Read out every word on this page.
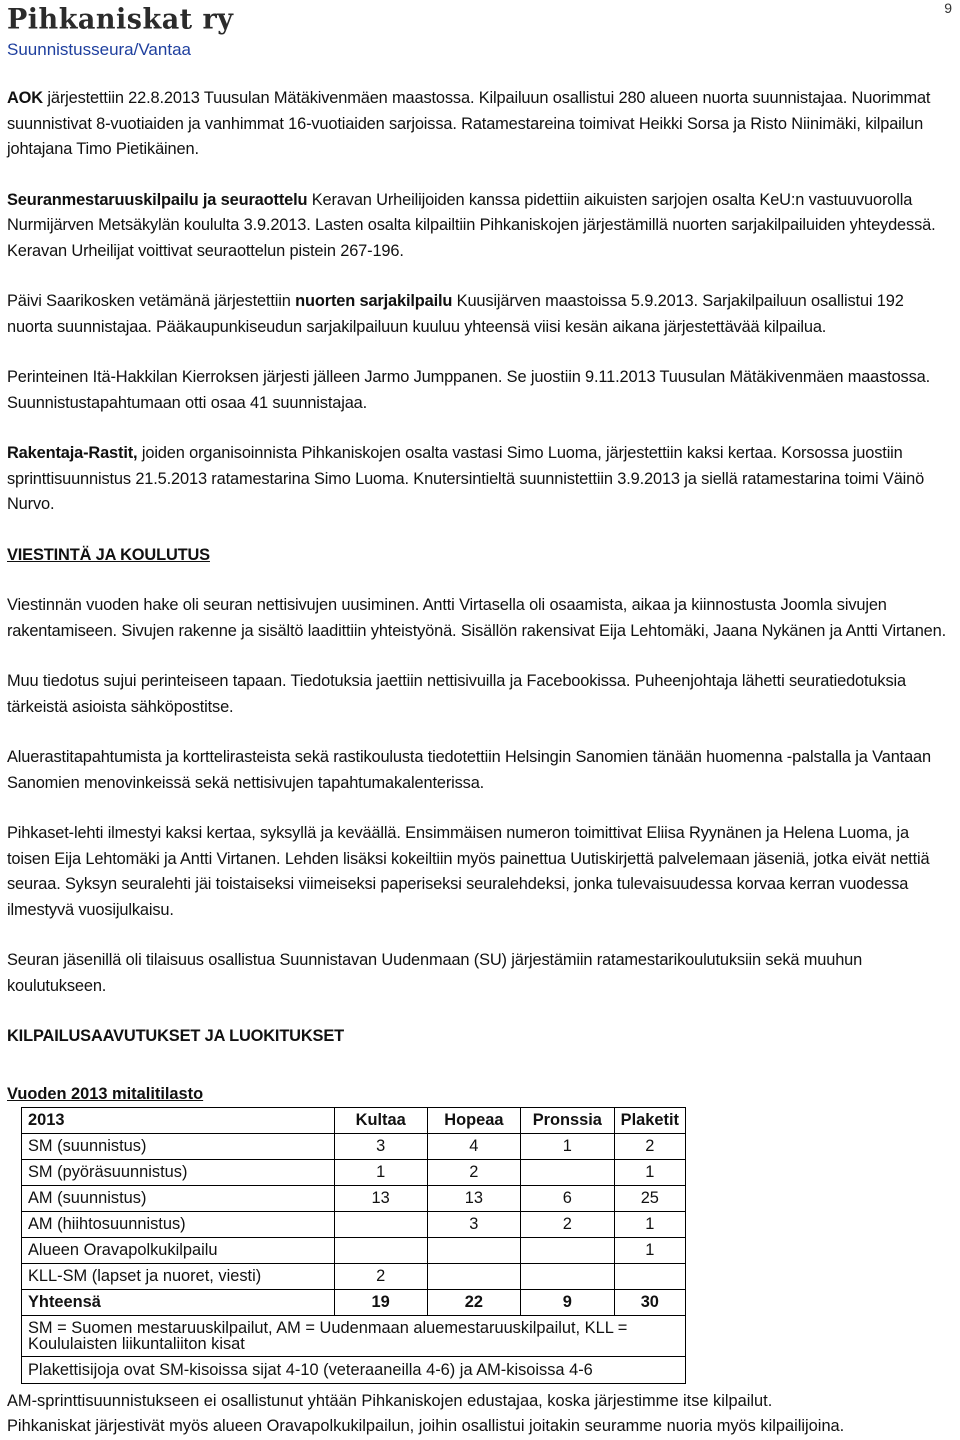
Pihkaniskat ry
Suunnistusseura/Vantaa
9

AOK järjestettiin 22.8.2013 Tuusulan Mätäkivenmäen maastossa. Kilpailuun osallistui 280 alueen nuorta suunnistajaa. Nuorimmat suunnistivat 8-vuotiaiden ja vanhimmat 16-vuotiaiden sarjoissa. Ratamestareina toimivat Heikki Sorsa ja Risto Niinimäki, kilpailun johtajana Timo Pietikäinen.

Seuranmestaruuskilpailu ja seuraottelu Keravan Urheilijoiden kanssa pidettiin aikuisten sarjojen osalta KeU:n vastuuvuorolla Nurmijärven Metsäkylän koululta 3.9.2013. Lasten osalta kilpailtiin Pihkaniskojen järjestämillä nuorten sarjakilpailuiden yhteydessä. Keravan Urheilijat voittivat seuraottelun pistein 267-196.

Päivi Saarikosken vetämänä järjestettiin nuorten sarjakilpailu Kuusijärven maastoissa 5.9.2013. Sarjakilpailuun osallistui 192 nuorta suunnistajaa. Pääkaupunkiseudun sarjakilpailuun kuuluu yhteensä viisi kesän aikana järjestettävää kilpailua.

Perinteinen Itä-Hakkilan Kierroksen järjesti jälleen Jarmo Jumppanen. Se juostiin 9.11.2013 Tuusulan Mätäkivenmäen maastossa. Suunnistustapahtumaan otti osaa 41 suunnistajaa.

Rakentaja-Rastit, joiden organisoinnista Pihkaniskojen osalta vastasi Simo Luoma, järjestettiin kaksi kertaa. Korsossa juostiin sprinttisuunnistus 21.5.2013 ratamestarina Simo Luoma. Knutersintieltä suunnistettiin 3.9.2013 ja siellä ratamestarina toimi Väinö Nurvo.

VIESTINTÄ JA KOULUTUS

Viestinnän vuoden hake oli seuran nettisivujen uusiminen. Antti Virtasella oli osaamista, aikaa ja kiinnostusta Joomla sivujen rakentamiseen. Sivujen rakenne ja sisältö laadittiin yhteistyönä. Sisällön rakensivat Eija Lehtomäki, Jaana Nykänen ja Antti Virtanen.

Muu tiedotus sujui perinteiseen tapaan. Tiedotuksia jaettiin nettisivuilla ja Facebookissa. Puheenjohtaja lähetti seuratiedotuksia tärkeistä asioista sähköpostitse.

Aluerastitapahtumista ja korttelirasteista sekä rastikoulusta tiedotettiin Helsingin Sanomien tänään huomenna -palstalla ja Vantaan Sanomien menovinkeissä sekä nettisivujen tapahtumakalenterissa.

Pihkaset-lehti ilmestyi kaksi kertaa, syksyllä ja keväällä. Ensimmäisen numeron toimittivat Eliisa Ryynänen ja Helena Luoma, ja toisen Eija Lehtomäki ja Antti Virtanen. Lehden lisäksi kokeiltiin myös painettua Uutiskirjettä palvelemaan jäseniä, jotka eivät nettiä seuraa. Syksyn seuralehti jäi toistaiseksi viimeiseksi paperiseksi seuralehdeksi, jonka tulevaisuudessa korvaa kerran vuodessa ilmestyvä vuosijulkaisu.

Seuran jäsenillä oli tilaisuus osallistua Suunnistavan Uudenmaan (SU) järjestämiin ratamestarikoulutuksiin sekä muuhun koulutukseen.

KILPAILUSAAVUTUKSET JA LUOKITUKSET

Vuoden 2013 mitalitilasto
2013	Kultaa	Hopeaa	Pronssia	Plaketit
SM (suunnistus)	3	4	1	2
SM (pyöräsuunnistus)	1	2		1
AM (suunnistus)	13	13	6	25
AM (hiihtosuunnistus)		3	2	1
Alueen Oravapolkukilpailu				1
KLL-SM (lapset ja nuoret, viesti)	2			
Yhteensä	19	22	9	30
SM = Suomen mestaruuskilpailut, AM = Uudenmaan aluemestaruuskilpailut, KLL = Koululaisten liikuntaliiton kisat				
Plakettisijoja ovat SM-kisoissa sijat 4-10 (veteraaneilla 4-6) ja AM-kisoissa 4-6				
AM-sprinttisuunnistukseen ei osallistunut yhtään Pihkaniskojen edustajaa, koska järjestimme itse kilpailut.
Pihkaniskat järjestivät myös alueen Oravapolkukilpailun, joihin osallistui joitakin seuramme nuoria myös kilpailijoina.
